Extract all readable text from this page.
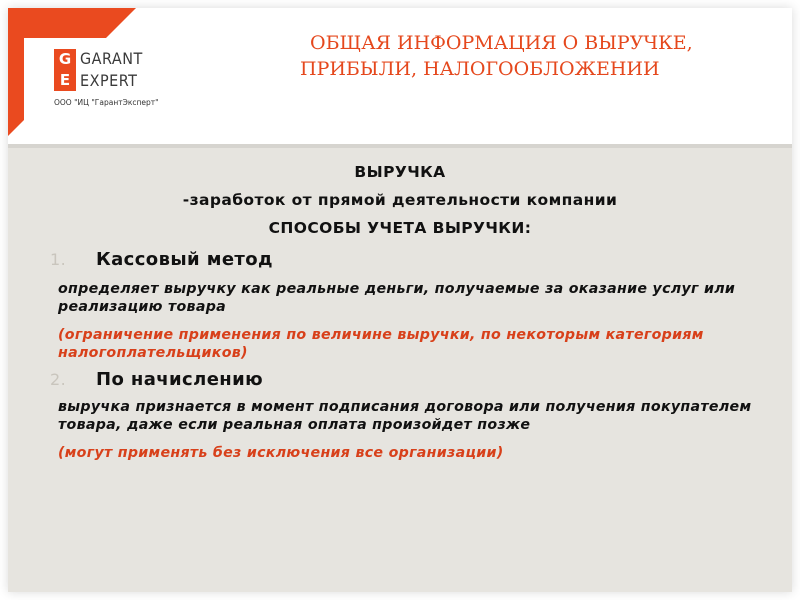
G
E
GARANT
EXPERT
ООО "ИЦ "ГарантЭксперт"
ОБЩАЯ ИНФОРМАЦИЯ О ВЫРУЧКЕ,
ПРИБЫЛИ, НАЛОГООБЛОЖЕНИИ
ВЫРУЧКА
-заработок от прямой деятельности компании
СПОСОБЫ УЧЕТА ВЫРУЧКИ:
1. Кассовый метод
определяет выручку как реальные деньги, получаемые за оказание услуг или реализацию товара
(ограничение применения по величине выручки, по некоторым категориям налогоплательщиков)
2. По начислению
выручка признается в момент подписания договора или получения покупателем товара, даже если реальная оплата произойдет позже
(могут применять без исключения все организации)
